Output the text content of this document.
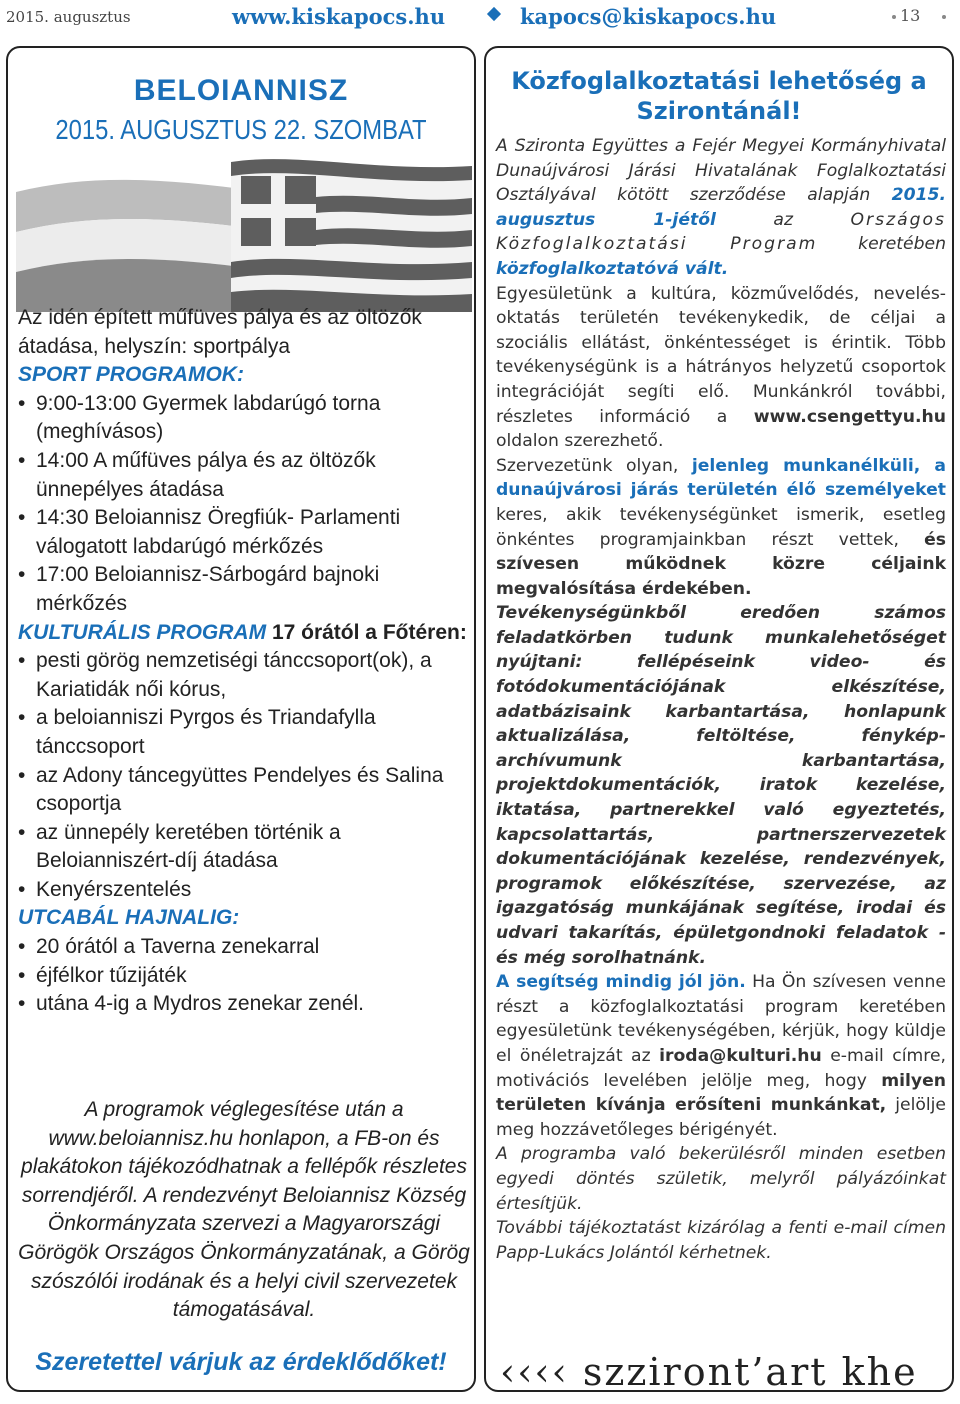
2015. augusztus	www.kiskapocs.hu	kapocs@kiskapocs.hu	13
BELOIANNISZ
2015. AUGUSZTUS 22. SZOMBAT
Az idén épített műfüves pálya és az öltözők átadása, helyszín: sportpálya
SPORT PROGRAMOK:
• 9:00-13:00 Gyermek labdarúgó torna (meghívásos)
• 14:00 A műfüves pálya és az öltözők ünnepélyes átadása
• 14:30 Beloiannisz Öregfiúk- Parlamenti válogatott labdarúgó mérkőzés
• 17:00 Beloiannisz-Sárbogárd bajnoki mérkőzés
KULTURÁLIS PROGRAM 17 órától a Főtéren:
• pesti görög nemzetiségi tánccsoport(ok), a Kariatidák női kórus,
• a beloianniszi Pyrgos és Triandafylla tánccsoport
• az Adony táncegyüttes Pendelyes és Salina csoportja
• az ünnepély keretében történik a Beloianniszért-díj átadása
• Kenyérszentelés
UTCABÁL HAJNALIG:
• 20 órától a Taverna zenekarral
• éjfélkor tűzijáték
• utána 4-ig a Mydros zenekar zenél.
A programok véglegesítése után a www.beloiannisz.hu honlapon, a FB-on és plakátokon tájékozódhatnak a fellépők részletes sorrendjéről. A rendezvényt Beloiannisz Község Önkormányzata szervezi a Magyarországi Görögök Országos Önkormányzatának, a Görög szószólói irodának és a helyi civil szervezetek támogatásával.
Szeretettel várjuk az érdeklődőket!
Közfoglalkoztatási lehetőség a Szirontánál!

A Szironta Együttes a Fejér Megyei Kormányhivatal Dunaújvárosi Járási Hivatalának Foglalkoztatási Osztályával kötött szerződése alapján 2015. augusztus 1-jétől	az	Országos Közfoglalkoztatási Program keretében közfoglalkoztatóvá vált.

Egyesületünk a kultúra, közművelődés, nevelés-oktatás területén tevékenykedik, de céljai a szociális ellátást, önkéntességet is érintik. Több tevékenységünk is a hátrányos helyzetű csoportok integrációját segíti elő. Munkánkról további, részletes információ a www.csengettyu.hu oldalon szerezhető.

Szervezetünk olyan, jelenleg munkanélküli, a dunaújvárosi járás területén élő személyeket keres, akik tevékenységünket ismerik, esetleg önkéntes programjainkban részt vettek, és szívesen működnek közre céljaink megvalósítása érdekében.

Tevékenységünkből eredően számos feladatkörben tudunk munkalehetőséget nyújtani: fellépéseink video- és fotódokumentációjának elkészítése, adatbázisaink karbantartása, honlapunk aktualizálása, feltöltése, fénykép-archívumunk karbantartása, projektdokumentációk, iratok kezelése, iktatása, partnerekkel való egyeztetés, kapcsolattartás, partnerszervezetek dokumentációjának kezelése, rendezvények, programok előkészítése, szervezése, az igazgatóság munkájának segítése, irodai és udvari takarítás, épületgondnoki feladatok - és még sorolhatnánk.

A segítség mindig jól jön. Ha Ön szívesen venne részt a közfoglalkoztatási program keretében egyesületünk tevékenységében, kérjük, hogy küldje el önéletrajzát az iroda@kulturi.hu e-mail címre, motivációs levelében jelölje meg, hogy milyen területen kívánja erősíteni munkánkat, jelölje meg hozzávetőleges bérigényét.

A programba való bekerülésről minden esetben egyedi döntés születik, melyről pályázóinkat értesítjük.

További tájékoztatást kizárólag a fenti e-mail címen Papp-Lukács Jolántól kérhetnek.

‹‹‹‹ szziront’art khe
